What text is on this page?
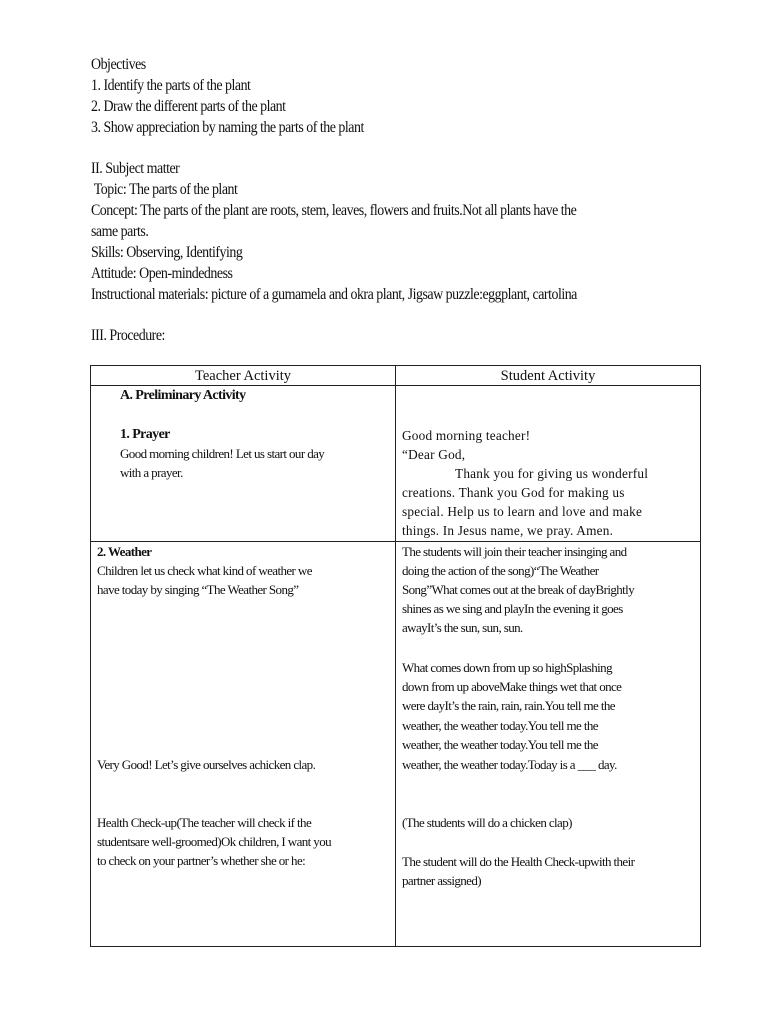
Objectives
1. Identify the parts of the plant
2. Draw the different parts of the plant
3. Show appreciation by naming the parts of the plant
II. Subject matter
Topic: The parts of the plant
Concept: The parts of the plant are roots, stem, leaves, flowers and fruits.Not all plants have the
same parts.
Skills: Observing, Identifying
Attitude: Open-mindedness
Instructional materials: picture of a gumamela and okra plant, Jigsaw puzzle:eggplant, cartolina
III. Procedure:
Teacher Activity	Student Activity
A. Preliminary Activity
1. Prayer
Good morning children! Let us start our day
with a prayer.
Good morning teacher!
“Dear God,
Thank you for giving us wonderful
creations. Thank you God for making us
special. Help us to learn and love and make
things. In Jesus name, we pray. Amen.
2. Weather
Children let us check what kind of weather we
have today by singing “The Weather Song”
Very Good! Let’s give ourselves achicken clap.
Health Check-up(The teacher will check if the
studentsare well-groomed)Ok children, I want you
to check on your partner’s whether she or he:
The students will join their teacher insinging and
doing the action of the song)“The Weather
Song”What comes out at the break of dayBrightly
shines as we sing and playIn the evening it goes
awayIt’s the sun, sun, sun.
What comes down from up so highSplashing
down from up aboveMake things wet that once
were dayIt’s the rain, rain, rain.You tell me the
weather, the weather today.You tell me the
weather, the weather today.You tell me the
weather, the weather today.Today is a ___ day.
(The students will do a chicken clap)
The student will do the Health Check-upwith their
partner assigned)
